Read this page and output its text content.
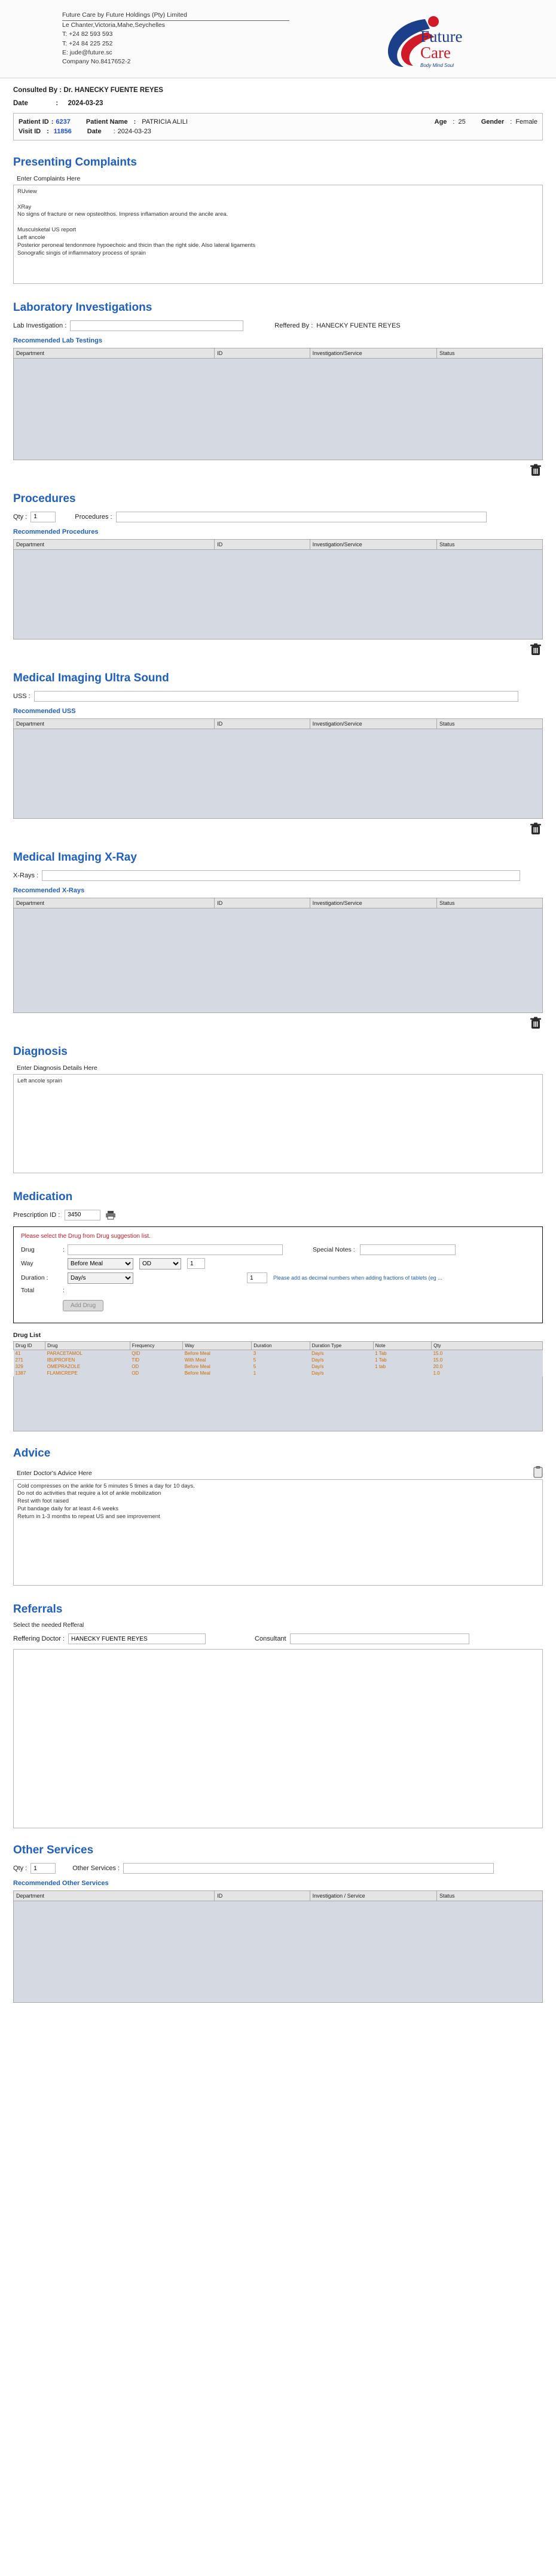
Future Care by Future Holdings (Pty) Limited
Le Chanter,Victoria,Mahe,Seychelles
T: +24 82 593 593
T: +24 84 225 252
E: jude@future.sc
Company No.8417652-2
Future
Care
Body Mind Soul
Consulted By : Dr. HANECKY FUENTE REYES
Date	: 2024-03-23
Patient ID : 6237 Patient Name : PATRICIA ALILI	Age : 25 Gender : Female
Visit ID : 11856 Date : 2024-03-23
Presenting Complaints
Enter Complaints Here
RUview XRay No signs of fracture or new opsteolthos. Impress inflamation around the ancile area. Musculsketal US report Left ancole Posterior peroneal tendonmore hypoechoic and thicin than the right side. Also lateral ligaments Sonografic singis of inflammatory process of sprain
Laboratory Investigations
Lab Investigation :	Reffered By : HANECKY FUENTE REYES
Recommended Lab Testings
Department	ID	Investigation/Service	Status
Procedures
Qty :
1	Procedures :
Recommended Procedures
Department	ID	Investigation/Service	Status
Medical Imaging Ultra Sound
USS :
Recommended USS
Department	ID	Investigation/Service	Status
Medical Imaging X-Ray
X-Rays :
Recommended X-Rays
Department	ID	Investigation/Service	Status
Diagnosis
Enter Diagnosis Details Here
Left ancole sprain
Medication
Prescription ID :
3450
Please select the Drug from Drug suggestion list.
Drug	:	Special Notes :
Way
Before Meal
OD
1
Duration :
Day/s
1	Please add as decimal numbers when adding fractions of tablets (eg ...
Total	:
Add Drug
Drug List
Drug ID	Drug	Frequency	Way	Duration	Duration Type	Note	Qty
41	PARACETAMOL	QID	Before Meal	3	Day/s	1 Tab	15.0
271	IBUPROFEN	TID	With Meal	5	Day/s	1 Tab	15.0
329	OMEPRAZOLE	OD	Before Meal	5	Day/s	1 tab	20.0
1387	FLAMICREPE	OD	Before Meal	1	Day/s		1.0
Advice
Enter Doctor's Advice Here
Cold compresses on the ankle for 5 minutes 5 times a day for 10 days. Do not do activities that require a lot of ankle mobilization Rest with foot raised Put bandage daily for at least 4-6 weeks Return in 1-3 months to repeat US and see improvement
Referrals
Select the needed Refferal
Reffering Doctor :
HANECKY FUENTE REYES	Consultant
Other Services
Qty :
1	Other Services :
Recommended Other Services
Department	ID	Investigation / Service	Status
